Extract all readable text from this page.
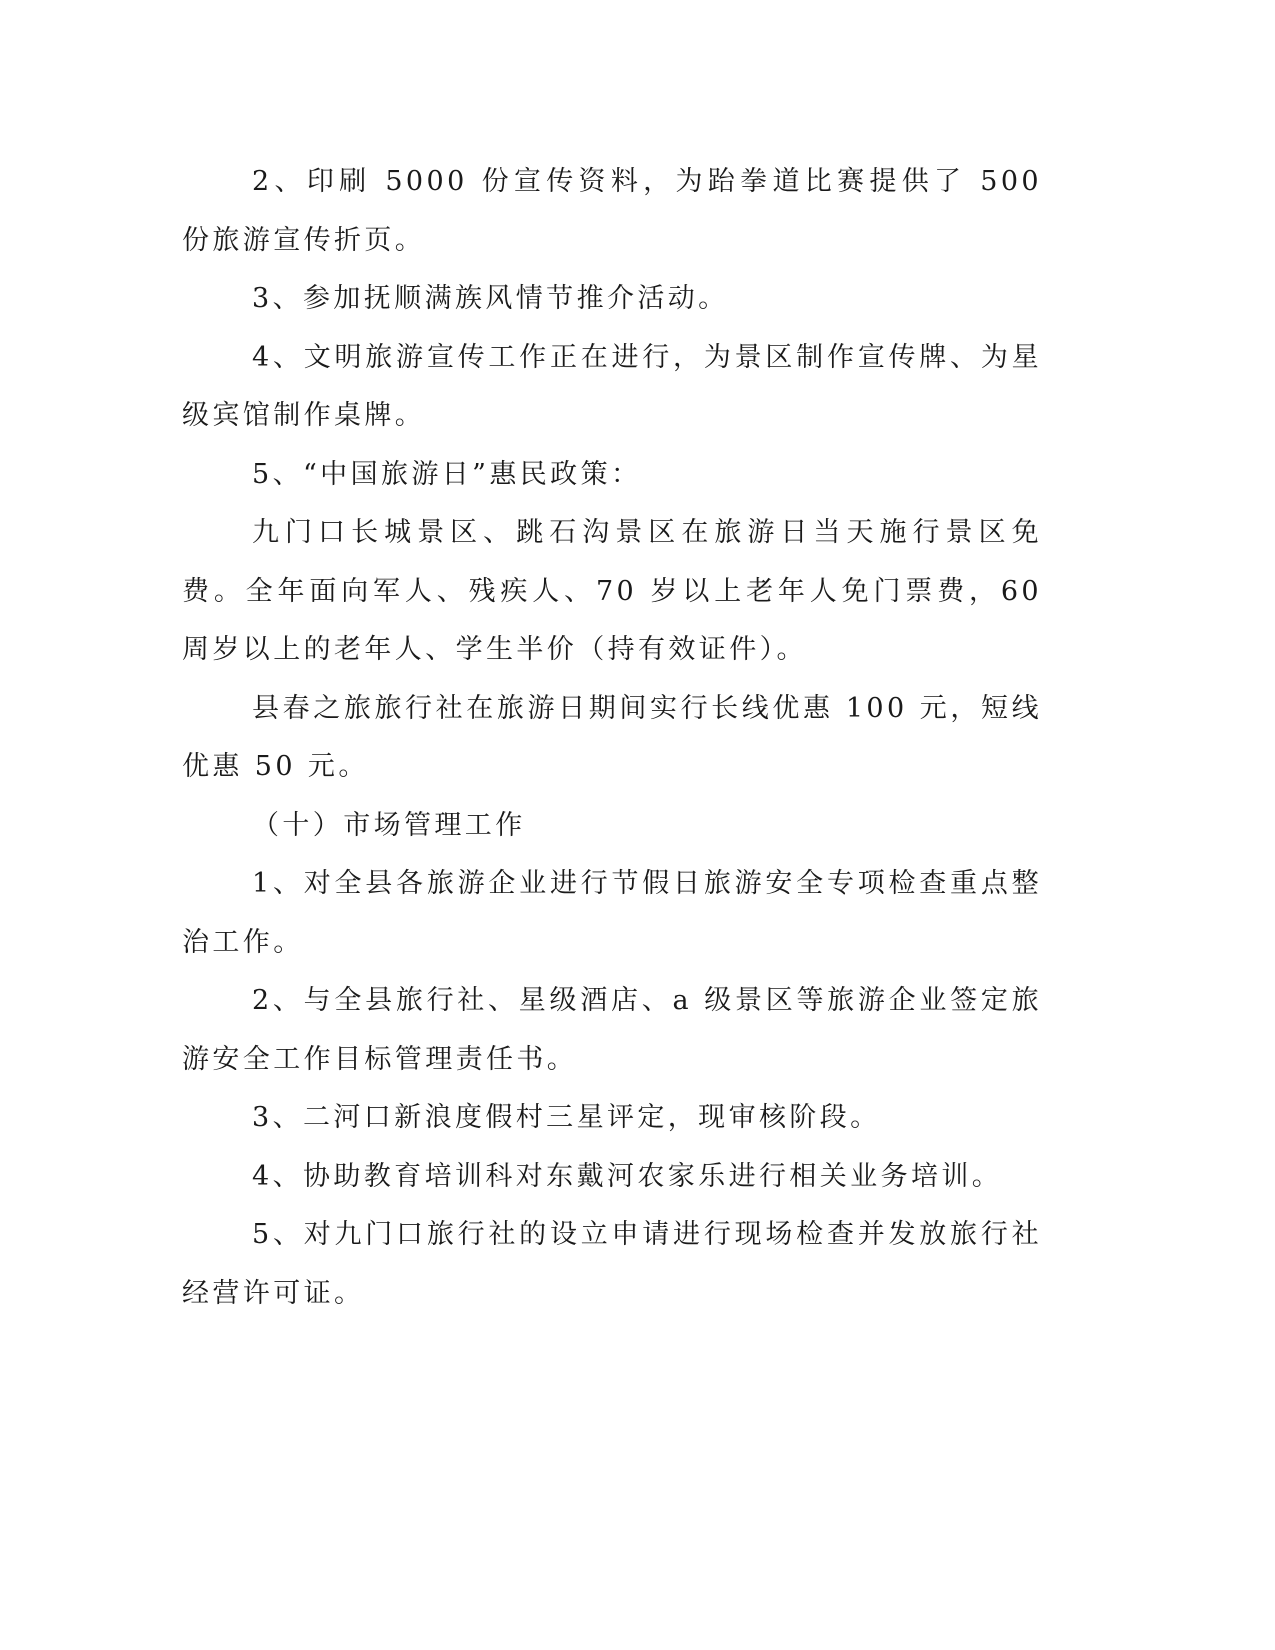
2、印刷 5000 份宣传资料，为跆拳道比赛提供了 500 份旅游宣传折页。

3、参加抚顺满族风情节推介活动。

4、文明旅游宣传工作正在进行，为景区制作宣传牌、为星级宾馆制作桌牌。

5、“中国旅游日”惠民政策：

九门口长城景区、跳石沟景区在旅游日当天施行景区免费。全年面向军人、残疾人、70 岁以上老年人免门票费，60 周岁以上的老年人、学生半价（持有效证件）。

县春之旅旅行社在旅游日期间实行长线优惠 100 元，短线优惠 50 元。

（十）市场管理工作

1、对全县各旅游企业进行节假日旅游安全专项检查重点整治工作。

2、与全县旅行社、星级酒店、a 级景区等旅游企业签定旅游安全工作目标管理责任书。

3、二河口新浪度假村三星评定，现审核阶段。

4、协助教育培训科对东戴河农家乐进行相关业务培训。

5、对九门口旅行社的设立申请进行现场检查并发放旅行社经营许可证。
